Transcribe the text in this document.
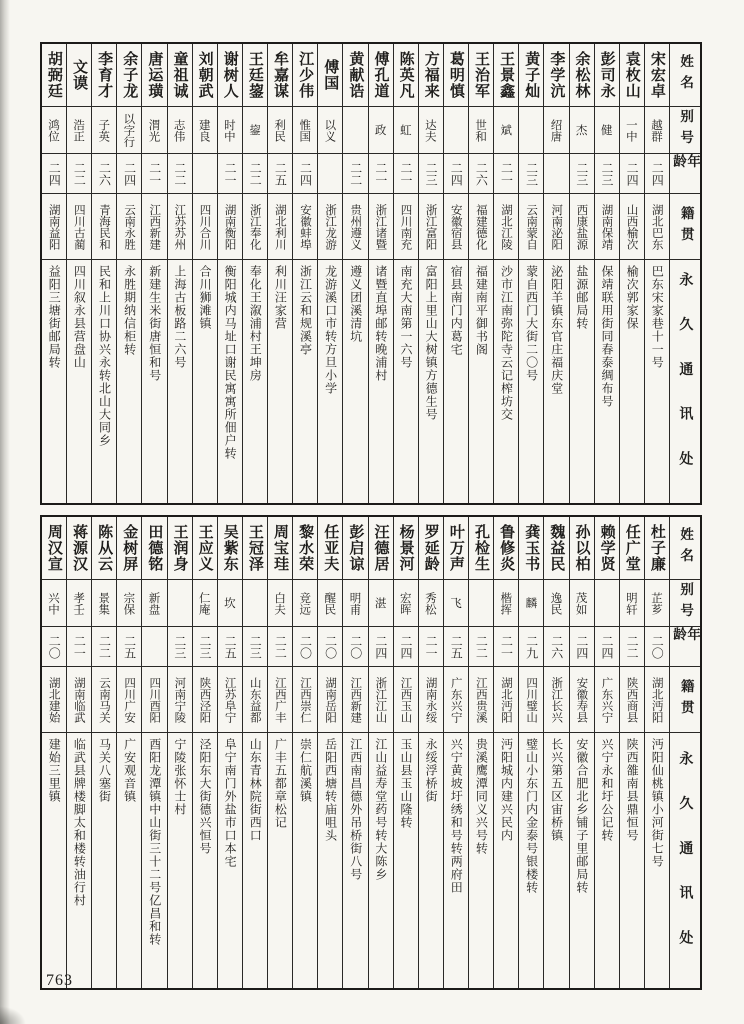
姓名
别号
年龄
籍贯
永久通讯处
宋宏卓
越群
二四
湖北巴东
巴东宋家巷十一号
袁枚山
一中
二四
山西榆次
榆次郭家保
彭司永
健
二三
湖南保靖
保靖联用街同春泰绸布号
余松林
杰
二三
西康盐源
盐源邮局转
李学沆
绍唐
河南泌阳
泌阳羊镇东官庄福庆堂
黄子灿
二三
云南蒙自
蒙自西门大街二〇号
王景鑫
斌
二一
湖北江陵
沙市江南弥陀寺云记榨坊交
王治军
世和
二六
福建德化
福建南平御书阁
葛明慎
二四
安徽宿县
宿县南门内葛宅
方福来
达夫
二三
浙江富阳
富阳上里山大树镇方德生号
陈英凡
虹
二一
四川南充
南充大南第一六号
傅孔道
政
二一
浙江诸暨
诸暨直埠邮转晚浦村
黄献诰
二二
贵州遵义
遵义团溪清坑
傅国
以义
浙江龙游
龙游溪口市转方旦小学
江少伟
惟国
二四
安徽蚌埠
浙江云和规溪亭
牟嘉谋
利民
二五
湖北利川
利川汪家营
王廷鋆
鋆
二二
浙江奉化
奉化王溆浦村王坤房
谢树人
时中
二一
湖南衡阳
衡阳城内马址口谢民寓寓所佃户转
刘朝武
建良
四川合川
合川狮滩镇
童祖诚
志伟
二二
江苏苏州
上海古板路二六号
唐运璜
渭光
二一
江西新建
新建生米街唐恒和号
余子龙
以字行
二四
云南永胜
永胜期纳信柜转
李育才
子英
二六
青海民和
民和上川口协兴永转北山大同乡
文谟
浩正
二二
四川古蔺
四川叙永县营盘山
胡弼廷
鸿位
二四
湖南益阳
益阳三塘街邮局转
姓名
别号
年龄
籍贯
永久通讯处
杜子廉
芷芗
二〇
湖北沔阳
沔阳仙桃镇小河街七号
任广堂
明轩
二二
陕西商县
陕西雒南县鼎恒号
赖学贤
二四
广东兴宁
兴宁永和圩公记转
孙以柏
茂如
二四
安徽寿县
安徽合肥北乡铺子里邮局转
魏益民
逸民
二六
浙江长兴
长兴第五区宙桥镇
龚玉书
麟
二九
四川璧山
璧山小东门内金泰号银楼转
鲁修炎
楷挥
二一
湖北沔阳
沔阳城内建兴民内
孔检生
二二
江西贵溪
贵溪鹰潭同义兴号转
叶万声
飞
二五
广东兴宁
兴宁黄坡圩绣和号转两府田
罗延龄
秀松
二一
湖南永绥
永绥浮桥街
杨景河
宏晖
二四
江西玉山
玉山县玉山隆转
汪德居
湛
二四
浙江江山
江山益寿堂药号转大陈乡
彭启谅
明甫
二〇
江西新建
江西南昌德外吊桥街八号
任亚夫
醒民
二〇
湖南岳阳
岳阳西塘转庙咀头
黎水荣
竞远
二〇
江西崇仁
崇仁航溪镇
周宝珪
白夫
二二
江西广丰
广丰五都章松记
王冠泽
二三
山东益都
山东青林院街西口
吴紫东
坎
二五
江苏阜宁
阜宁南门外盐市口本宅
王应义
仁庵
二三
陕西泾阳
泾阳东大街德兴恒号
王润身
二三
河南宁陵
宁陵张怀士村
田德铭
新盘
四川酉阳
酉阳龙潭镇中山街三十二号亿昌和转
金树屏
宗保
二五
四川广安
广安观音镇
陈从云
景集
二二
云南马关
马关八塞街
蒋源汉
孝壬
二一
湖南临武
临武县牌楼脚太和楼转油行村
周汉宣
兴中
二〇
湖北建始
建始三里镇
763
